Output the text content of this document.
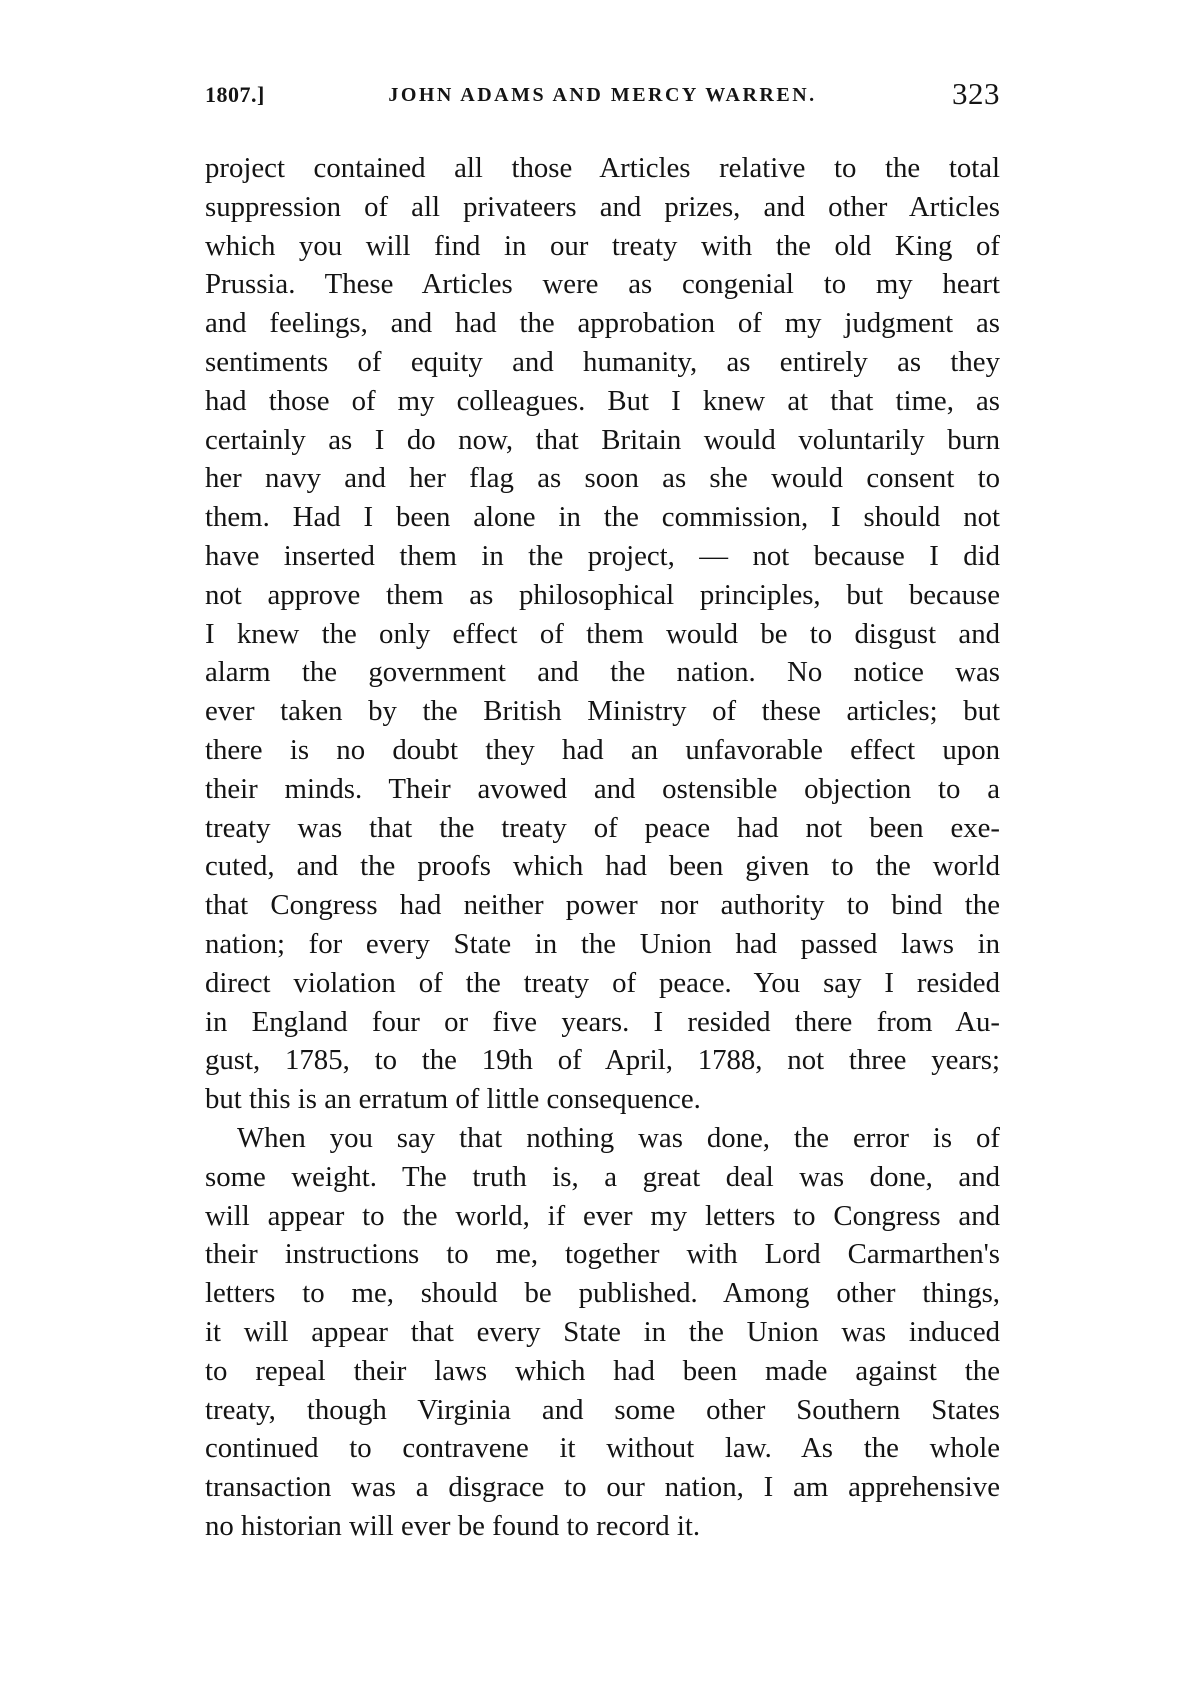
1807.]	JOHN ADAMS AND MERCY WARREN.	323
project contained all those Articles relative to the total
suppression of all privateers and prizes, and other Articles
which you will find in our treaty with the old King of
Prussia. These Articles were as congenial to my heart
and feelings, and had the approbation of my judgment as
sentiments of equity and humanity, as entirely as they
had those of my colleagues. But I knew at that time, as
certainly as I do now, that Britain would voluntarily burn
her navy and her flag as soon as she would consent to
them. Had I been alone in the commission, I should not
have inserted them in the project, — not because I did
not approve them as philosophical principles, but because
I knew the only effect of them would be to disgust and
alarm the government and the nation. No notice was
ever taken by the British Ministry of these articles; but
there is no doubt they had an unfavorable effect upon
their minds. Their avowed and ostensible objection to a
treaty was that the treaty of peace had not been exe-
cuted, and the proofs which had been given to the world
that Congress had neither power nor authority to bind the
nation; for every State in the Union had passed laws in
direct violation of the treaty of peace. You say I resided
in England four or five years. I resided there from Au-
gust, 1785, to the 19th of April, 1788, not three years;
but this is an erratum of little consequence.
When you say that nothing was done, the error is of
some weight. The truth is, a great deal was done, and
will appear to the world, if ever my letters to Congress and
their instructions to me, together with Lord Carmarthen's
letters to me, should be published. Among other things,
it will appear that every State in the Union was induced
to repeal their laws which had been made against the
treaty, though Virginia and some other Southern States
continued to contravene it without law. As the whole
transaction was a disgrace to our nation, I am apprehensive
no historian will ever be found to record it.
